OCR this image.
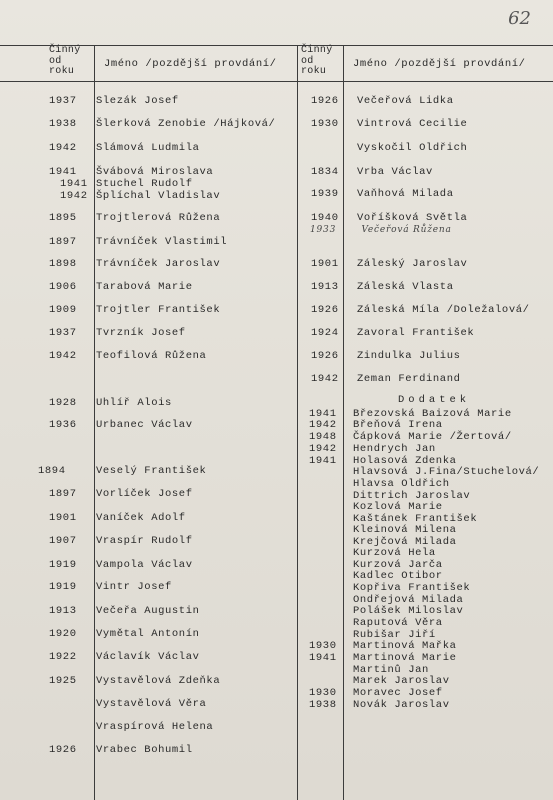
62
Činný
od
roku
Jméno /pozdější provdání/
Činný
od
roku
Jméno /pozdější provdání/
1937 Slezák Josef
1938 Šlerková Zenobie /Hájková/
1942 Slámová Ludmila
1941 Švábová Miroslava
1941 Stuchel Rudolf
1942 Šplíchal Vladislav
1895 Trojtlerová Růžena
1897 Trávníček Vlastimil
1898 Trávníček Jaroslav
1906 Tarabová Marie
1909 Trojtler František
1937 Tvrzník Josef
1942 Teofilová Růžena
1928 Uhlíř Alois
1936 Urbanec Václav
1894	Veselý František
1897 Vorlíček Josef
1901 Vaníček Adolf
1907 Vraspír Rudolf
1919 Vampola Václav
1919 Vintr Josef
1913 Večeřa Augustin
1920 Vymětal Antonín
1922 Václavík Václav
1925 Vystavělová Zdeňka
Vystavělová Věra
Vraspírová Helena
1926 Vrabec Bohumil
1926 Večeřová Lidka
1930 Vintrová Cecilie
Vyskočil Oldřich
1834 Vrba Václav
1939 Vaňhová Milada
1940 Voříšková Světla
1901 Záleský Jaroslav
1913 Záleská Vlasta
1926 Záleská Míla /Doležalová/
1924 Zavoral František
1926 Zindulka Julius
1942 Zeman Ferdinand
1933	Večeřová Růžena
Dodatek
1941 Březovská Baizová Marie
1942 Břeňová Irena
1948 Čápková Marie /Žertová/
1942 Hendrych Jan
1941 Holasová Zdenka
Hlavsová J.Fina/Stuchelová/
Hlavsa Oldřich
Dittrich Jaroslav
Kozlová Marie
Kaštánek František
Kleinová Milena
Krejčová Milada
Kurzová Hela
Kurzová Jarča
Kadlec Otibor
Kopřiva František
Ondřejová Milada
Polášek Miloslav
Raputová Věra
Rubišar Jiří
1930 Martinová Mařka
1941 Martinová Marie
Martinů Jan
Marek Jaroslav
1930 Moravec Josef
1938 Novák Jaroslav
